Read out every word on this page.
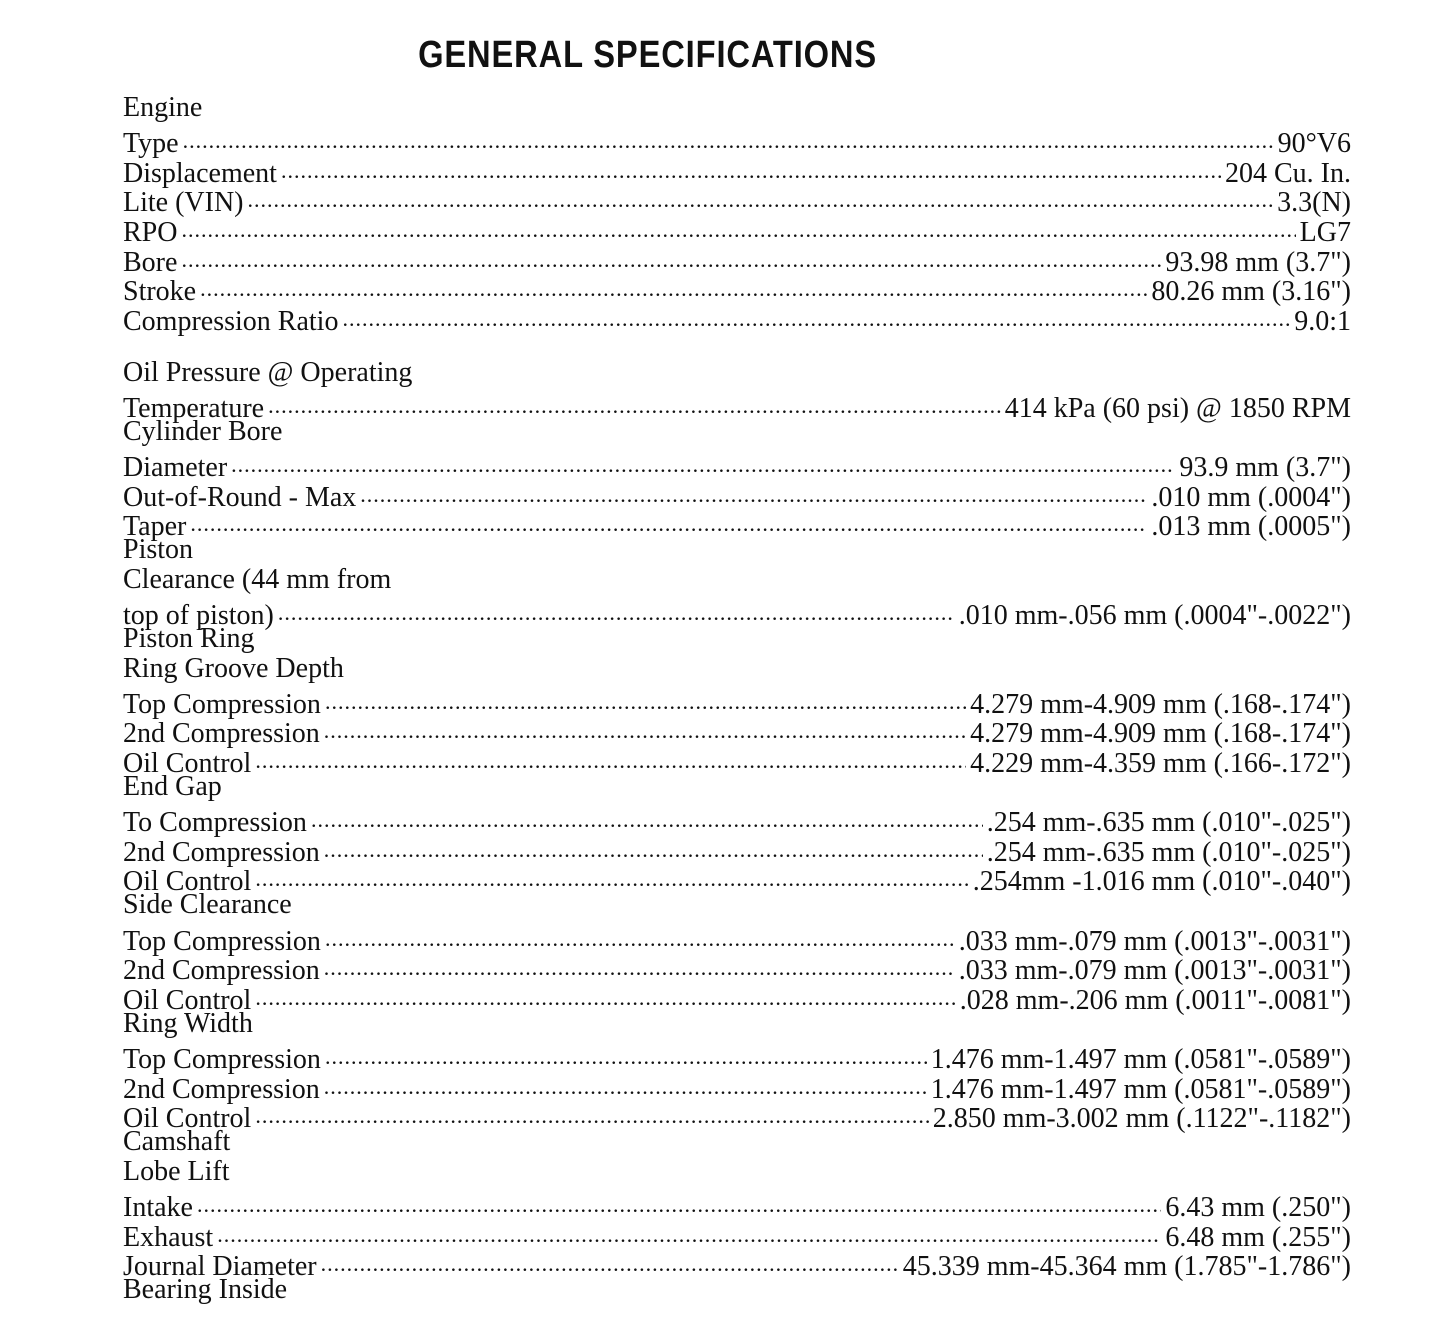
GENERAL SPECIFICATIONS
Engine
Type .....	90°V6
Displacement .....	204 Cu. In.
Lite (VIN) .....	3.3(N)
RPO .....	LG7
Bore .....	93.98 mm (3.7")
Stroke .....	80.26 mm (3.16")
Compression Ratio .....	9.0:1
Oil Pressure @ Operating
Temperature .....	414 kPa (60 psi) @ 1850 RPM
Cylinder Bore
Diameter .....	93.9 mm (3.7")
Out-of-Round - Max .....	.010 mm (.0004")
Taper .....	.013 mm (.0005")
Piston
Clearance (44 mm from
top of piston) .....	.010 mm-.056 mm (.0004"-.0022")
Piston Ring
Ring Groove Depth
Top Compression .....	4.279 mm-4.909 mm (.168-.174")
2nd Compression .....	4.279 mm-4.909 mm (.168-.174")
Oil Control .....	4.229 mm-4.359 mm (.166-.172")
End Gap
To Compression .....	.254 mm-.635 mm (.010"-.025")
2nd Compression .....	.254 mm-.635 mm (.010"-.025")
Oil Control .....	.254mm -1.016 mm (.010"-.040")
Side Clearance
Top Compression .....	.033 mm-.079 mm (.0013"-.0031")
2nd Compression .....	.033 mm-.079 mm (.0013"-.0031")
Oil Control .....	.028 mm-.206 mm (.0011"-.0081")
Ring Width
Top Compression .....	1.476 mm-1.497 mm (.0581"-.0589")
2nd Compression .....	1.476 mm-1.497 mm (.0581"-.0589")
Oil Control .....	2.850 mm-3.002 mm (.1122"-.1182")
Camshaft
Lobe Lift
Intake .....	6.43 mm (.250")
Exhaust .....	6.48 mm (.255")
Journal Diameter .....	45.339 mm-45.364 mm (1.785"-1.786")
Bearing Inside
